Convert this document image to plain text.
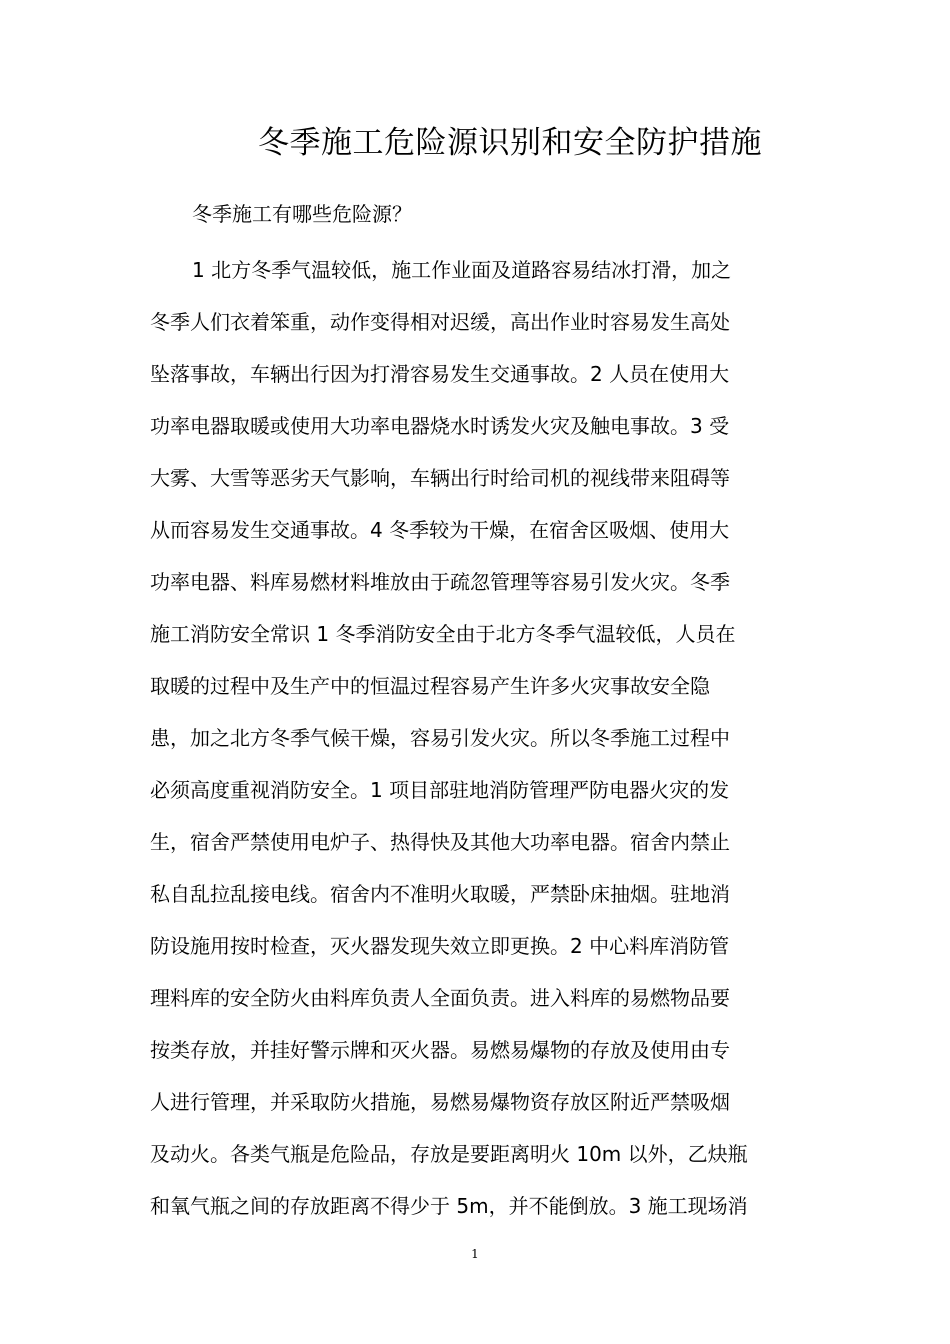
冬季施工危险源识别和安全防护措施

冬季施工有哪些危险源？

1 北方冬季气温较低，施工作业面及道路容易结冰打滑，加之
冬季人们衣着笨重，动作变得相对迟缓，高出作业时容易发生高处
坠落事故，车辆出行因为打滑容易发生交通事故。2 人员在使用大
功率电器取暖或使用大功率电器烧水时诱发火灾及触电事故。3 受
大雾、大雪等恶劣天气影响，车辆出行时给司机的视线带来阻碍等
从而容易发生交通事故。4 冬季较为干燥，在宿舍区吸烟、使用大
功率电器、料库易燃材料堆放由于疏忽管理等容易引发火灾。冬季
施工消防安全常识 1 冬季消防安全由于北方冬季气温较低，人员在
取暖的过程中及生产中的恒温过程容易产生许多火灾事故安全隐
患，加之北方冬季气候干燥，容易引发火灾。所以冬季施工过程中
必须高度重视消防安全。1 项目部驻地消防管理严防电器火灾的发
生，宿舍严禁使用电炉子、热得快及其他大功率电器。宿舍内禁止
私自乱拉乱接电线。宿舍内不准明火取暖，严禁卧床抽烟。驻地消
防设施用按时检查，灭火器发现失效立即更换。2 中心料库消防管
理料库的安全防火由料库负责人全面负责。进入料库的易燃物品要
按类存放，并挂好警示牌和灭火器。易燃易爆物的存放及使用由专
人进行管理，并采取防火措施，易燃易爆物资存放区附近严禁吸烟
及动火。各类气瓶是危险品，存放是要距离明火 10m 以外，乙炔瓶
和氧气瓶之间的存放距离不得少于 5m，并不能倒放。3 施工现场消

1
